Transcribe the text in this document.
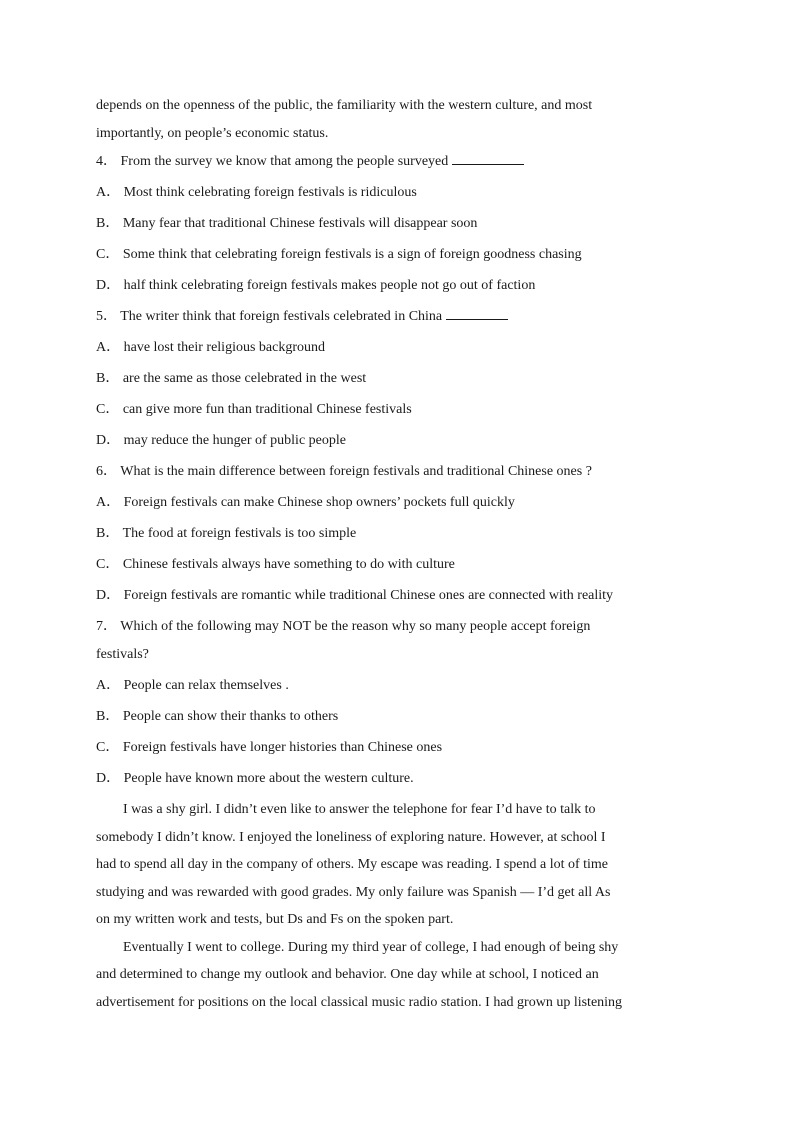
depends on the openness of the public, the familiarity with the western culture, and most
importantly, on people’s economic status.
4． From the survey we know that among the people surveyed
A． Most think celebrating foreign festivals is ridiculous
B． Many fear that traditional Chinese festivals will disappear soon
C． Some think that celebrating foreign festivals is a sign of foreign goodness chasing
D． half think celebrating foreign festivals makes people not go out of faction
5． The writer think that foreign festivals celebrated in China
A． have lost their religious background
B． are the same as those celebrated in the west
C． can give more fun than traditional Chinese festivals
D． may reduce the hunger of public people
6． What is the main difference between foreign festivals and traditional Chinese ones ?
A． Foreign festivals can make Chinese shop owners’ pockets full quickly
B． The food at foreign festivals is too simple
C． Chinese festivals always have something to do with culture
D． Foreign festivals are romantic while traditional Chinese ones are connected with reality
7． Which of the following may NOT be the reason why so many people accept foreign
festivals?
A． People can relax themselves .
B． People can show their thanks to others
C． Foreign festivals have longer histories than Chinese ones
D． People have known more about the western culture.
I was a shy girl. I didn’t even like to answer the telephone for fear I’d have to talk to
somebody I didn’t know. I enjoyed the loneliness of exploring nature. However, at school I
had to spend all day in the company of others. My escape was reading. I spend a lot of time
studying and was rewarded with good grades. My only failure was Spanish — I’d get all As
on my written work and tests, but Ds and Fs on the spoken part.
Eventually I went to college. During my third year of college, I had enough of being shy
and determined to change my outlook and behavior. One day while at school, I noticed an
advertisement for positions on the local classical music radio station. I had grown up listening
